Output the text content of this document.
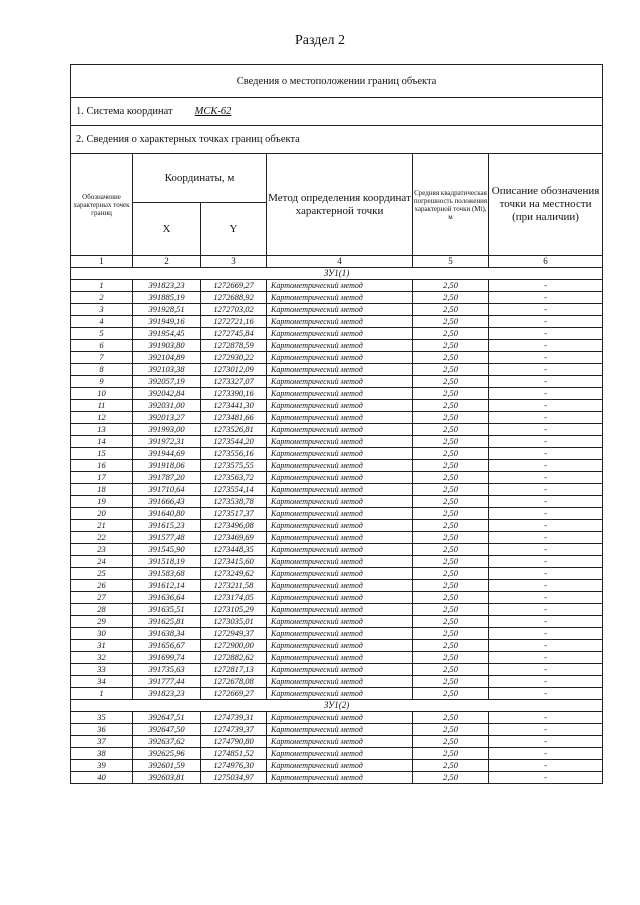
Раздел 2
Сведения о местоположении границ объекта					
1. Система координат МСК-62					
2. Сведения о характерных точках границ объекта					
Обозначение характерных точек границ	Координаты, м		Метод определения координат характерной точки	Средняя квадратическая погрешность положения характерной точки (Mt), м	Описание обозначения точки на местности (при наличии)
	X	Y			
1	2	3	4	5	6
ЗУ1(1)					
1	391823,23	1272669,27	Картометрический метод	2,50	-
2	391885,19	1272688,92	Картометрический метод	2,50	-
3	391928,51	1272703,02	Картометрический метод	2,50	-
4	391949,16	1272721,16	Картометрический метод	2,50	-
5	391954,45	1272745,84	Картометрический метод	2,50	-
6	391903,80	1272878,59	Картометрический метод	2,50	-
7	392104,89	1272930,22	Картометрический метод	2,50	-
8	392103,38	1273012,09	Картометрический метод	2,50	-
9	392057,19	1273327,07	Картометрический метод	2,50	-
10	392042,84	1273390,16	Картометрический метод	2,50	-
11	392031,00	1273441,30	Картометрический метод	2,50	-
12	392013,27	1273481,66	Картометрический метод	2,50	-
13	391993,00	1273526,81	Картометрический метод	2,50	-
14	391972,31	1273544,20	Картометрический метод	2,50	-
15	391944,69	1273556,16	Картометрический метод	2,50	-
16	391918,06	1273575,55	Картометрический метод	2,50	-
17	391787,20	1273563,72	Картометрический метод	2,50	-
18	391710,64	1273554,14	Картометрический метод	2,50	-
19	391666,43	1273538,78	Картометрический метод	2,50	-
20	391640,80	1273517,37	Картометрический метод	2,50	-
21	391615,23	1273496,08	Картометрический метод	2,50	-
22	391577,48	1273469,69	Картометрический метод	2,50	-
23	391545,90	1273448,35	Картометрический метод	2,50	-
24	391518,19	1273415,60	Картометрический метод	2,50	-
25	391583,68	1273249,62	Картометрический метод	2,50	-
26	391612,14	1273211,58	Картометрический метод	2,50	-
27	391636,64	1273174,05	Картометрический метод	2,50	-
28	391635,51	1273105,29	Картометрический метод	2,50	-
29	391625,81	1273035,01	Картометрический метод	2,50	-
30	391638,34	1272949,37	Картометрический метод	2,50	-
31	391656,67	1272900,00	Картометрический метод	2,50	-
32	391699,74	1272882,62	Картометрический метод	2,50	-
33	391735,63	1272817,13	Картометрический метод	2,50	-
34	391777,44	1272678,08	Картометрический метод	2,50	-
1	391823,23	1272669,27	Картометрический метод	2,50	-
ЗУ1(2)					
35	392647,51	1274739,31	Картометрический метод	2,50	-
36	392647,50	1274739,37	Картометрический метод	2,50	-
37	392637,62	1274790,80	Картометрический метод	2,50	-
38	392625,96	1274851,52	Картометрический метод	2,50	-
39	392601,59	1274976,30	Картометрический метод	2,50	-
40	392603,81	1275034,97	Картометрический метод	2,50	-
